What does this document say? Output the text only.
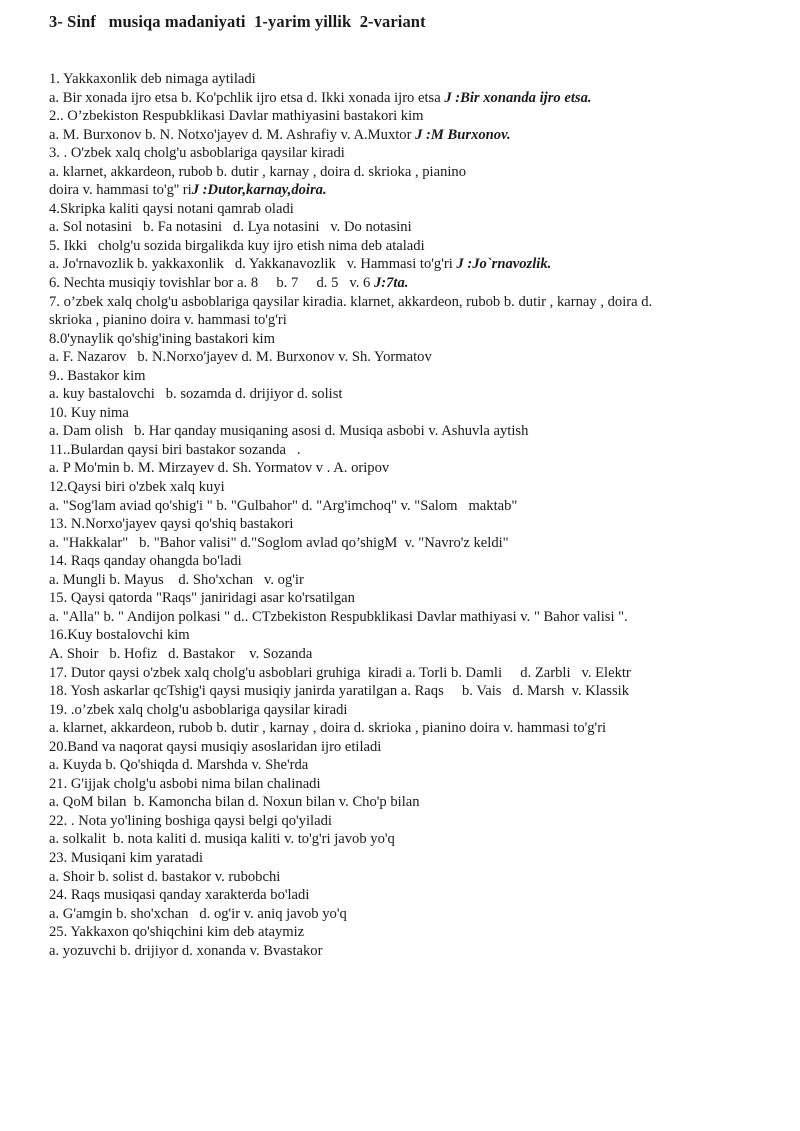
3- Sinf   musiqa madaniyati  1-yarim yillik  2-variant
1. Yakkaxonlik deb nimaga aytiladi
a. Bir xonada ijro etsa b. Ko'pchlik ijro etsa d. Ikki xonada ijro etsa J :Bir xonanda ijro etsa.
2.. O’zbekiston Respubklikasi Davlar mathiyasini bastakori kim
a. M. Burxonov b. N. Notxo'jayev d. M. Ashrafiy v. A.Muxtor J :M Burxonov.
3. . O'zbek xalq cholg'u asboblariga qaysilar kiradi
a. klarnet, akkardeon, rubob b. dutir , karnay , doira d. skrioka , pianino
doira v. hammasi to'g'' riJ :Dutor,karnay,doira.
4.Skripka kaliti qaysi notani qamrab oladi
a. Sol notasini   b. Fa notasini   d. Lya notasini   v. Do notasini
5. Ikki   cholg'u sozida birgalikda kuy ijro etish nima deb ataladi
a. Jo'rnavozlik b. yakkaxonlik   d. Yakkanavozlik   v. Hammasi to'g'ri J :Jo`rnavozlik.
6. Nechta musiqiy tovishlar bor a. 8     b. 7     d. 5   v. 6 J:7ta.
7. o’zbek xalq cholg'u asboblariga qaysilar kiradia. klarnet, akkardeon, rubob b. dutir , karnay , doira d.
skrioka , pianino doira v. hammasi to'g'ri
8.0'ynaylik qo'shig'ining bastakori kim
a. F. Nazarov   b. N.Norxo'jayev d. M. Burxonov v. Sh. Yormatov
9.. Bastakor kim
a. kuy bastalovchi   b. sozamda d. drijiyor d. solist
10. Kuy nima
a. Dam olish   b. Har qanday musiqaning asosi d. Musiqa asbobi v. Ashuvla aytish
11..Bulardan qaysi biri bastakor sozanda   .
a. P Mo'min b. M. Mirzayev d. Sh. Yormatov v . A. oripov
12.Qaysi biri o'zbek xalq kuyi
a. "Sog'lam aviad qo'shig'i " b. "Gulbahor" d. "Arg'imchoq" v. "Salom   maktab"
13. N.Norxo'jayev qaysi qo'shiq bastakori
a. "Hakkalar"   b. "Bahor valisi" d."Soglom avlad qo’shigM  v. "Navro'z keldi"
14. Raqs qanday ohangda bo'ladi
a. Mungli b. Mayus    d. Sho'xchan   v. og'ir
15. Qaysi qatorda "Raqs" janiridagi asar ko'rsatilgan
a. "Alla" b. " Andijon polkasi " d.. CTzbekiston Respubklikasi Davlar mathiyasi v. " Bahor valisi ".
16.Kuy bostalovchi kim
A. Shoir   b. Hofiz   d. Bastakor    v. Sozanda
17. Dutor qaysi o'zbek xalq cholg'u asboblari gruhiga  kiradi a. Torli b. Damli     d. Zarbli   v. Elektr
18. Yosh askarlar qcTshig'i qaysi musiqiy janirda yaratilgan a. Raqs     b. Vais   d. Marsh  v. Klassik
19. .o’zbek xalq cholg'u asboblariga qaysilar kiradi
a. klarnet, akkardeon, rubob b. dutir , karnay , doira d. skrioka , pianino doira v. hammasi to'g'ri
20.Band va naqorat qaysi musiqiy asoslaridan ijro etiladi
a. Kuyda b. Qo'shiqda d. Marshda v. She'rda
21. G'ijjak cholg'u asbobi nima bilan chalinadi
a. QoM bilan  b. Kamoncha bilan d. Noxun bilan v. Cho'p bilan
22. . Nota yo'lining boshiga qaysi belgi qo'yiladi
a. solkalit  b. nota kaliti d. musiqa kaliti v. to'g'ri javob yo'q
23. Musiqani kim yaratadi
a. Shoir b. solist d. bastakor v. rubobchi
24. Raqs musiqasi qanday xarakterda bo'ladi
a. G'amgin b. sho'xchan   d. og'ir v. aniq javob yo'q
25. Yakkaxon qo'shiqchini kim deb ataymiz
a. yozuvchi b. drijiyor d. xonanda v. Bvastakor
